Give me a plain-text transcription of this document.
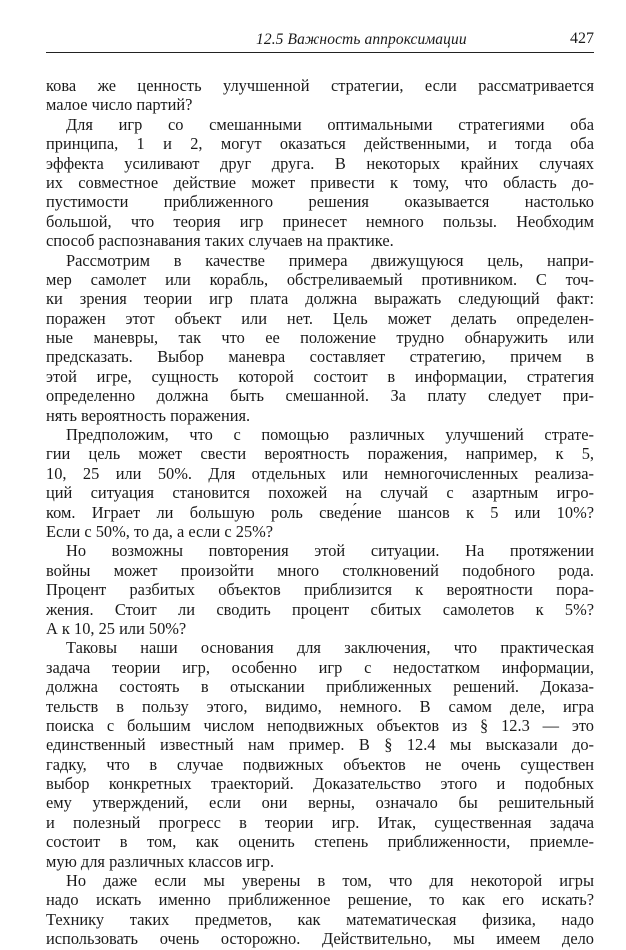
12.5 Важность аппроксимации	427
кова же ценность улучшенной стратегии, если рассматривается
малое число партий?
Для игр со смешанными оптимальными стратегиями оба
принципа, 1 и 2, могут оказаться действенными, и тогда оба
эффекта усиливают друг друга. В некоторых крайних случаях
их совместное действие может привести к тому, что область до-
пустимости приближенного решения оказывается настолько
большой, что теория игр принесет немного пользы. Необходим
способ распознавания таких случаев на практике.
Рассмотрим в качестве примера движущуюся цель, напри-
мер самолет или корабль, обстреливаемый противником. С точ-
ки зрения теории игр плата должна выражать следующий факт:
поражен этот объект или нет. Цель может делать определен-
ные маневры, так что ее положение трудно обнаружить или
предсказать. Выбор маневра составляет стратегию, причем в
этой игре, сущность которой состоит в информации, стратегия
определенно должна быть смешанной. За плату следует при-
нять вероятность поражения.
Предположим, что с помощью различных улучшений страте-
гии цель может свести вероятность поражения, например, к 5,
10, 25 или 50%. Для отдельных или немногочисленных реализа-
ций ситуация становится похожей на случай с азартным игро-
ком. Играет ли большую роль сведе́ние шансов к 5 или 10%?
Если с 50%, то да, а если с 25%?
Но возможны повторения этой ситуации. На протяжении
войны может произойти много столкновений подобного рода.
Процент разбитых объектов приблизится к вероятности пора-
жения. Стоит ли сводить процент сбитых самолетов к 5%?
А к 10, 25 или 50%?
Таковы наши основания для заключения, что практическая
задача теории игр, особенно игр с недостатком информации,
должна состоять в отыскании приближенных решений. Доказа-
тельств в пользу этого, видимо, немного. В самом деле, игра
поиска с большим числом неподвижных объектов из § 12.3 — это
единственный известный нам пример. В § 12.4 мы высказали до-
гадку, что в случае подвижных объектов не очень существен
выбор конкретных траекторий. Доказательство этого и подобных
ему утверждений, если они верны, означало бы решительный
и полезный прогресс в теории игр. Итак, существенная задача
состоит в том, как оценить степень приближенности, приемле-
мую для различных классов игр.
Но даже если мы уверены в том, что для некоторой игры
надо искать именно приближенное решение, то как его искать?
Технику таких предметов, как математическая физика, надо
использовать очень осторожно. Действительно, мы имеем дело
